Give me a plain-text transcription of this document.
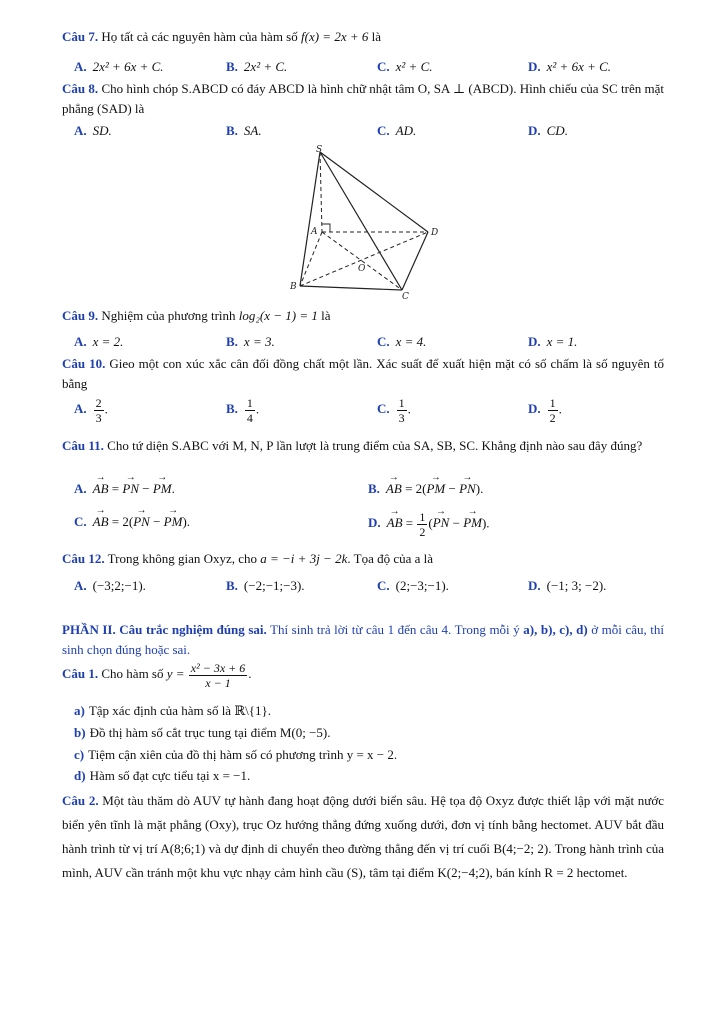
Câu 7. Họ tất cả các nguyên hàm của hàm số f(x) = 2x + 6 là
A. 2x² + 6x + C.	B. 2x² + C.	C. x² + C.	D. x² + 6x + C.
Câu 8. Cho hình chóp S.ABCD có đáy ABCD là hình chữ nhật tâm O, SA ⊥ (ABCD). Hình chiếu của SC trên mặt phẳng (SAD) là
A. SD.	B. SA.	C. AD.	D. CD.
S
A	D
B
C
O
Câu 9. Nghiệm của phương trình log₂(x − 1) = 1 là
A. x = 2.	B. x = 3.	C. x = 4.	D. x = 1.
Câu 10. Gieo một con xúc xắc cân đối đồng chất một lần. Xác suất để xuất hiện mặt có số chấm là số nguyên tố bằng
A. $\frac{2}{3}$ .	B. $\frac{1}{4}$ .	C. $\frac{1}{3}$ .	D. $\frac{1}{2}$ .
Câu 11. Cho tứ diện S.ABC với M, N, P lần lượt là trung điểm của SA, SB, SC. Khẳng định nào sau đây đúng?
A. → AB = → PN − → PM.	B. → AB = 2(→ PM − → PN).
C. → AB = 2(→ PN − → PM).	D. → AB = $\frac{1}{2}$ (→ PN − → PM).
Câu 12. Trong không gian Oxyz, cho a = −i + 3j − 2k. Tọa độ của a là
A. (−3;2;−1).	B. (−2;−1;−3).	C. (2;−3;−1).	D. (−1; 3; −2).
PHẦN II. Câu trắc nghiệm đúng sai. Thí sinh trả lời từ câu 1 đến câu 4. Trong mỗi ý a), b), c), d) ở mỗi câu, thí sinh chọn đúng hoặc sai.
Câu 1. Cho hàm số $y = \frac{\text{x² − 3x + 6}}{x - 1}$ .
a) Tập xác định của hàm số là ℝ\{1}.
b) Đồ thị hàm số cắt trục tung tại điểm M(0; −5).
c) Tiệm cận xiên của đồ thị hàm số có phương trình y = x − 2.
d) Hàm số đạt cực tiểu tại x = −1.
Câu 2. Một tàu thăm dò AUV tự hành đang hoạt động dưới biển sâu. Hệ tọa độ Oxyz được thiết lập với mặt nước biển yên tĩnh là mặt phẳng (Oxy), trục Oz hướng thẳng đứng xuống dưới, đơn vị tính bằng hectomet. AUV bắt đầu hành trình từ vị trí A(8;6;1) và dự định di chuyển theo đường thẳng đến vị trí cuối B(4;−2; 2). Trong hành trình của mình, AUV cần tránh một khu vực nhạy cảm hình cầu (S), tâm tại điểm K(2;−4;2), bán kính R = 2 hectomet.
